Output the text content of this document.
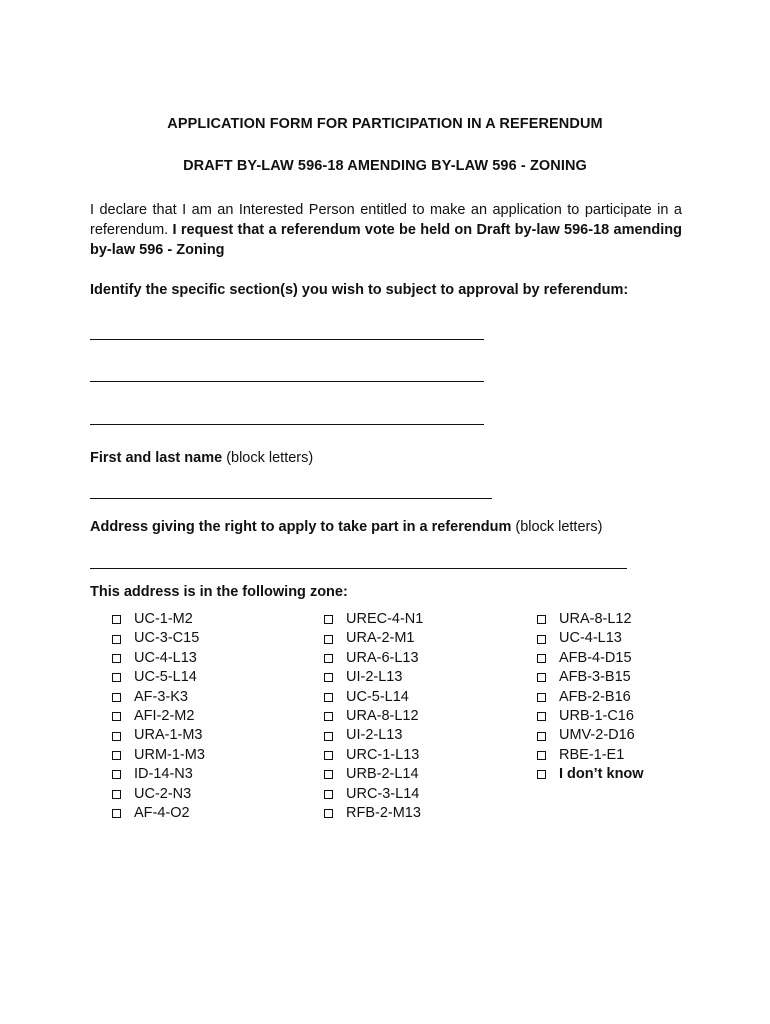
APPLICATION FORM FOR PARTICIPATION IN A REFERENDUM
DRAFT BY-LAW 596-18 AMENDING BY-LAW 596 - ZONING
I declare that I am an Interested Person entitled to make an application to participate in a referendum. I request that a referendum vote be held on Draft by-law 596-18 amending by-law 596 - Zoning
Identify the specific section(s) you wish to subject to approval by referendum:
First and last name (block letters)
Address giving the right to apply to take part in a referendum (block letters)
This address is in the following zone:
UC-1-M2
UC-3-C15
UC-4-L13
UC-5-L14
AF-3-K3
AFI-2-M2
URA-1-M3
URM-1-M3
ID-14-N3
UC-2-N3
AF-4-O2
UREC-4-N1
URA-2-M1
URA-6-L13
UI-2-L13
UC-5-L14
URA-8-L12
UI-2-L13
URC-1-L13
URB-2-L14
URC-3-L14
RFB-2-M13
URA-8-L12
UC-4-L13
AFB-4-D15
AFB-3-B15
AFB-2-B16
URB-1-C16
UMV-2-D16
RBE-1-E1
I don’t know
